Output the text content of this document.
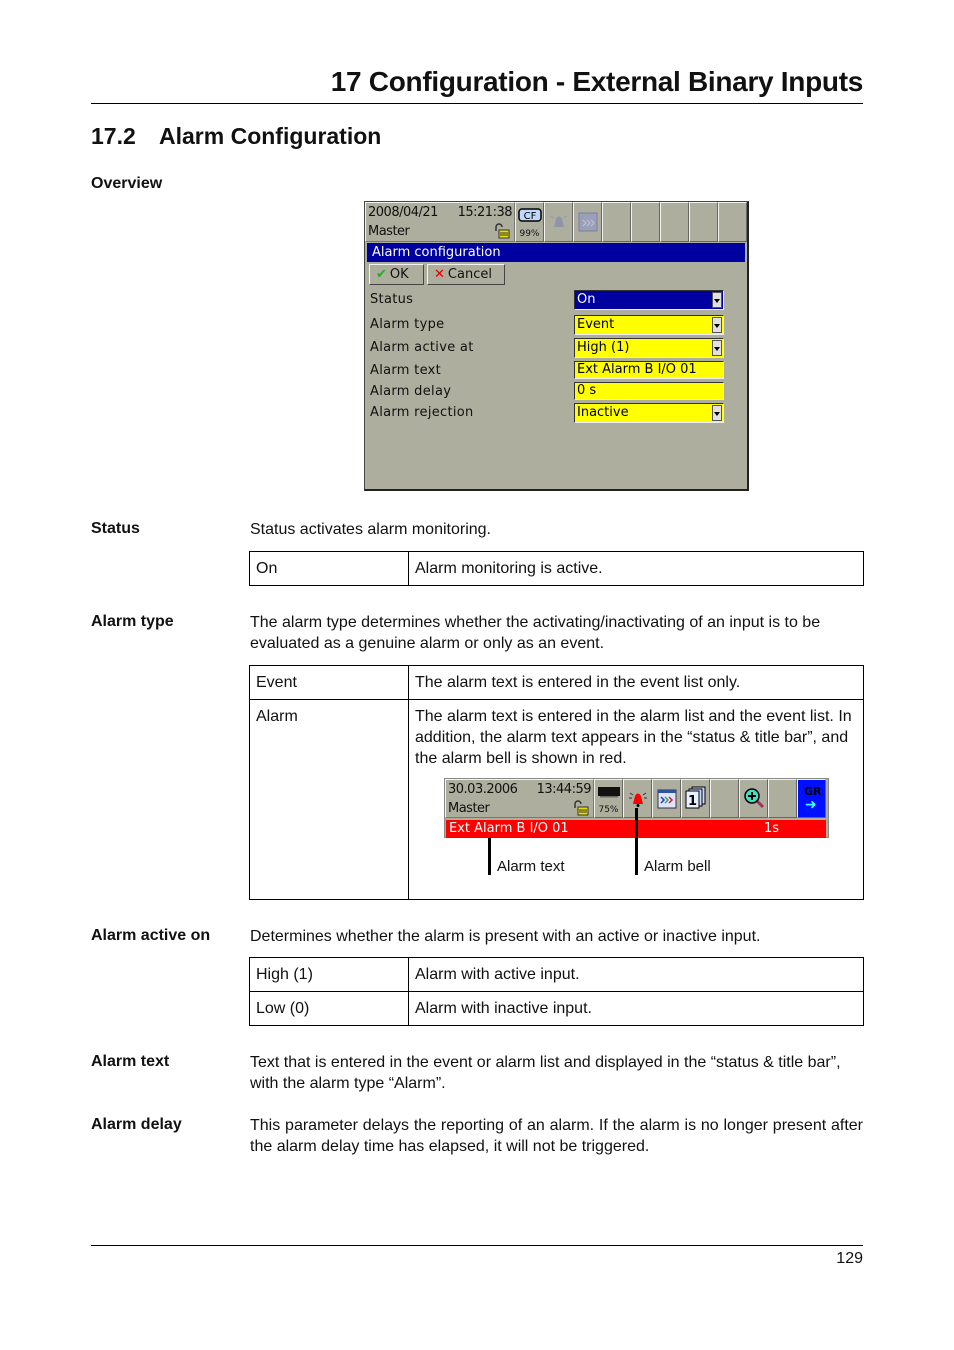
17 Configuration - External Binary Inputs
17.2 Alarm Configuration
Overview
2008/04/21 15:21:38
Master
CF
99%
Alarm configuration
✔ OK ✕ Cancel
Status	On
Alarm type	Event
Alarm active at	High (1)
Alarm text	Ext Alarm B I/O 01
Alarm delay	0 s
Alarm rejection	Inactive
Status	Status activates alarm monitoring.
On	Alarm monitoring is active.
Alarm type	The alarm type determines whether the activating/inactivating of an input is to be evaluated as a genuine alarm or only as an event.
Event	The alarm text is entered in the event list only.
Alarm	The alarm text is entered in the alarm list and the event list. In addition, the alarm text appears in the “status & title bar”, and the alarm bell is shown in red.
30.03.2006 13:44:59
Master	75%
1
GR
➜
Ext Alarm B I/O 01	1s
Alarm text	Alarm bell
Alarm active on Determines whether the alarm is present with an active or inactive input.
High (1)	Alarm with active input.
Low (0)	Alarm with inactive input.
Alarm text	Text that is entered in the event or alarm list and displayed in the “status & title bar”, with the alarm type “Alarm”.
Alarm delay	This parameter delays the reporting of an alarm. If the alarm is no longer present after the alarm delay time has elapsed, it will not be triggered.
129
